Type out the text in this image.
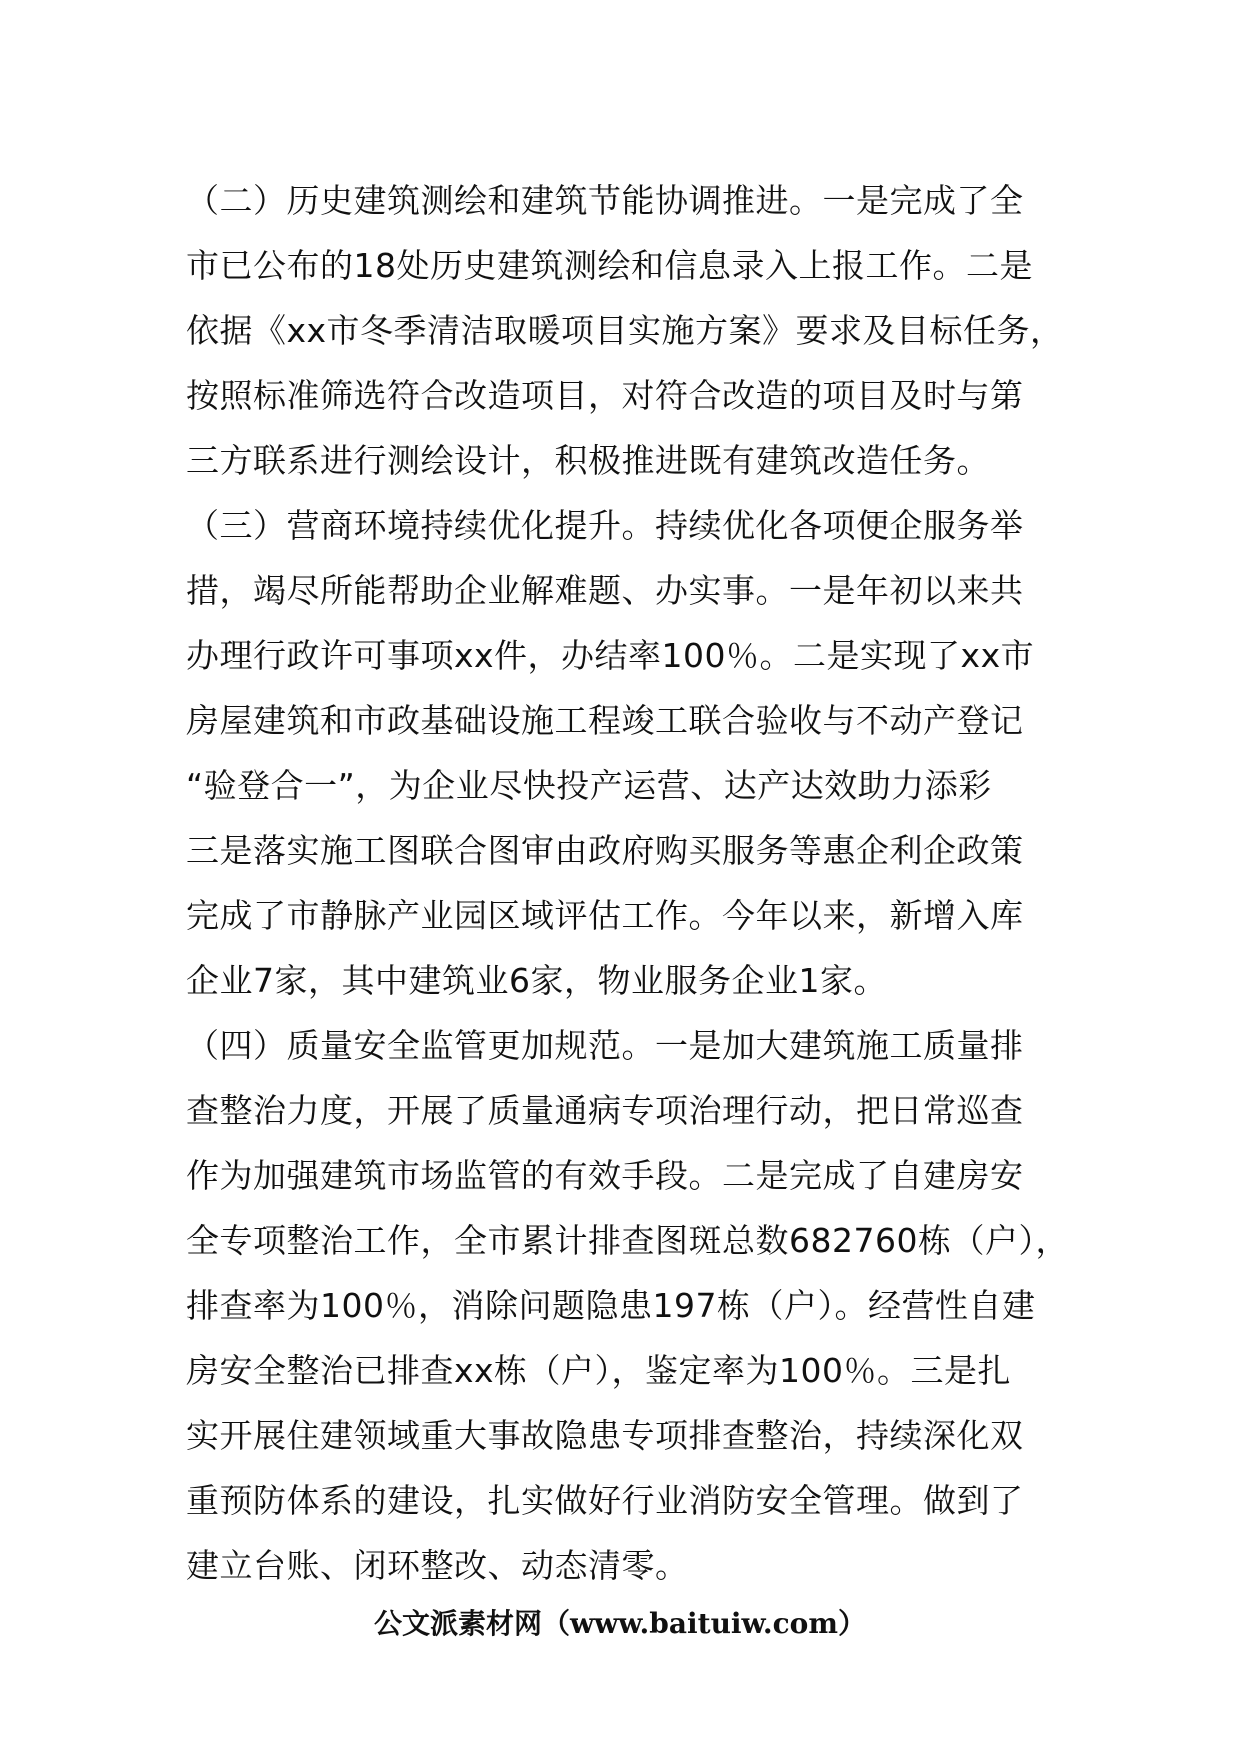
（二）历史建筑测绘和建筑节能协调推进。一是完成了全
市已公布的18处历史建筑测绘和信息录入上报工作。二是
依据《xx市冬季清洁取暖项目实施方案》要求及目标任务，
按照标准筛选符合改造项目，对符合改造的项目及时与第
三方联系进行测绘设计，积极推进既有建筑改造任务。
（三）营商环境持续优化提升。持续优化各项便企服务举
措，竭尽所能帮助企业解难题、办实事。一是年初以来共
办理行政许可事项xx件，办结率100％。二是实现了xx市
房屋建筑和市政基础设施工程竣工联合验收与不动产登记
“验登合一”，为企业尽快投产运营、达产达效助力添彩
三是落实施工图联合图审由政府购买服务等惠企利企政策
完成了市静脉产业园区域评估工作。今年以来，新增入库
企业7家，其中建筑业6家，物业服务企业1家。
（四）质量安全监管更加规范。一是加大建筑施工质量排
查整治力度，开展了质量通病专项治理行动，把日常巡查
作为加强建筑市场监管的有效手段。二是完成了自建房安
全专项整治工作，全市累计排查图斑总数682760栋（户），
排查率为100％，消除问题隐患197栋（户）。经营性自建
房安全整治已排查xx栋（户），鉴定率为100％。三是扎
实开展住建领域重大事故隐患专项排查整治，持续深化双
重预防体系的建设，扎实做好行业消防安全管理。做到了
建立台账、闭环整改、动态清零。
公文派素材网（www.baituiw.com）
